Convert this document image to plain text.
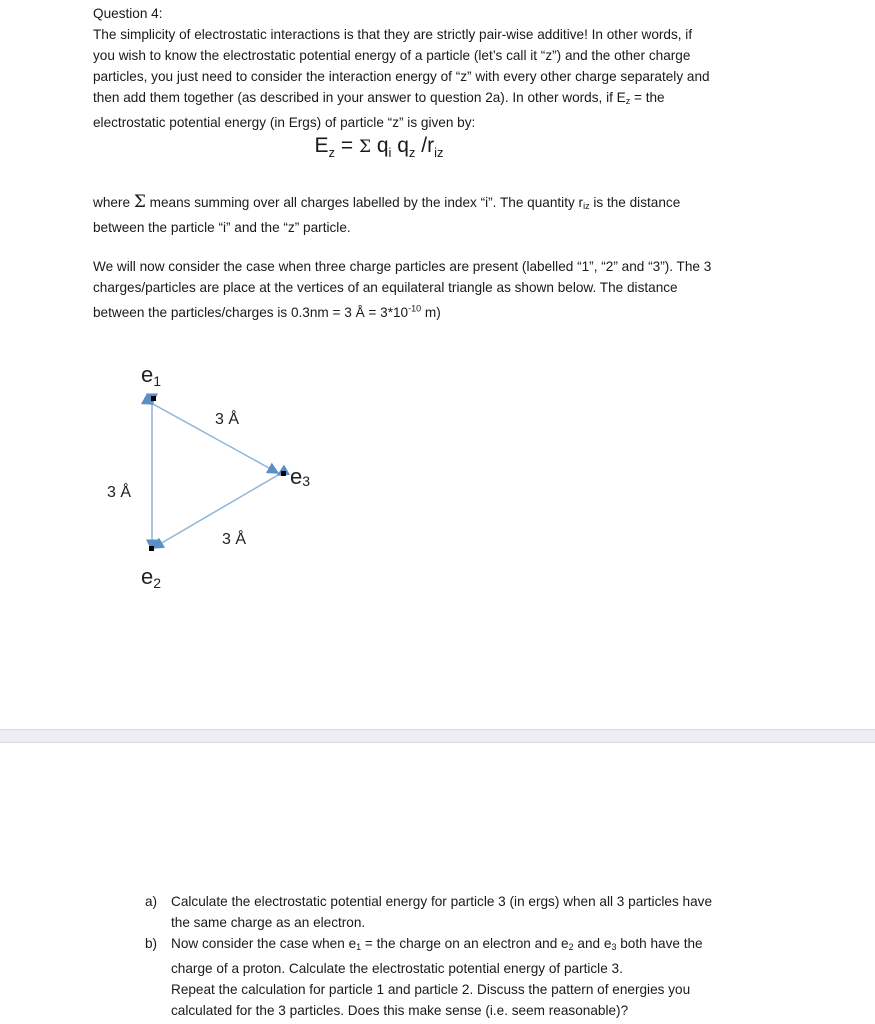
Question 4:

The simplicity of electrostatic interactions is that they are strictly pair-wise additive! In other words, if
you wish to know the electrostatic potential energy of a particle (let’s call it “z”) and the other charge
particles, you just need to consider the interaction energy of “z” with every other charge separately and
then add them together (as described in your answer to question 2a). In other words, if Ez = the
electrostatic potential energy (in Ergs) of particle “z” is given by:

$E_z = \Sigma$ $q_i$ $q_z$ $/r_{iz}$

where Σ means summing over all charges labelled by the index “i”. The quantity riz is the distance
between the particle “i” and the “z” particle.

We will now consider the case when three charge particles are present (labelled “1”, “2” and “3”). The 3
charges/particles are place at the vertices of an equilateral triangle as shown below. The distance
between the particles/charges is 0.3nm = 3 Å = $3*10^{-10}$ m)

e1
e2
e3
3 Å
3 Å
3 Å
a) Calculate the electrostatic potential energy for particle 3 (in ergs) when all 3 particles have
the same charge as an electron.
b) Now consider the case when e1 = the charge on an electron and e2 and e3 both have the
charge of a proton. Calculate the electrostatic potential energy of particle 3.
Repeat the calculation for particle 1 and particle 2. Discuss the pattern of energies you
calculated for the 3 particles. Does this make sense (i.e. seem reasonable)?
